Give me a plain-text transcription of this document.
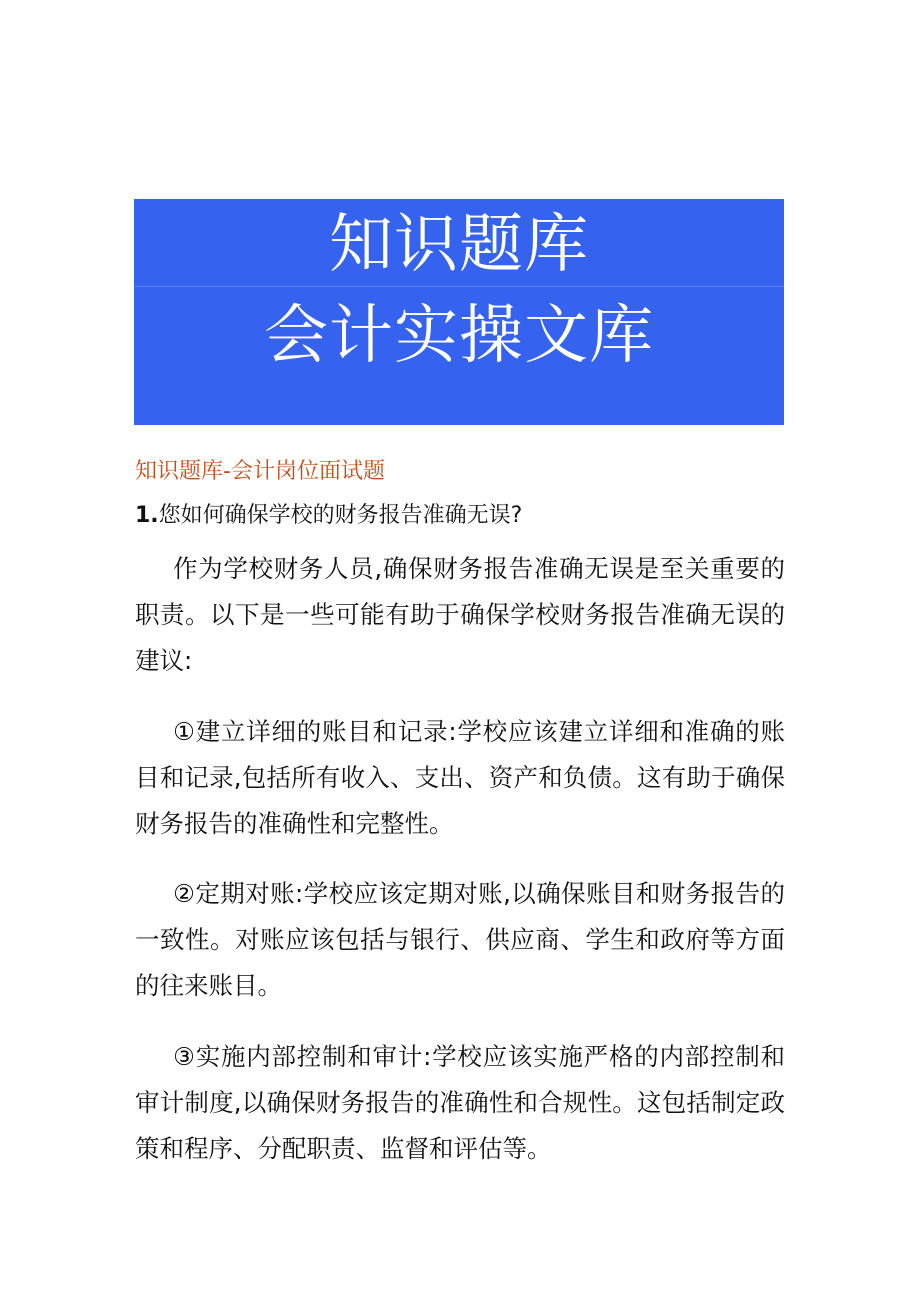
知识题库
会计实操文库
知识题库-会计岗位面试题
1.您如何确保学校的财务报告准确无误?

作为学校财务人员,确保财务报告准确无误是至关重要的职责。以下是一些可能有助于确保学校财务报告准确无误的建议:

①建立详细的账目和记录:学校应该建立详细和准确的账目和记录,包括所有收入、支出、资产和负债。这有助于确保财务报告的准确性和完整性。

②定期对账:学校应该定期对账,以确保账目和财务报告的一致性。对账应该包括与银行、供应商、学生和政府等方面的往来账目。

③实施内部控制和审计:学校应该实施严格的内部控制和审计制度,以确保财务报告的准确性和合规性。这包括制定政策和程序、分配职责、监督和评估等。
